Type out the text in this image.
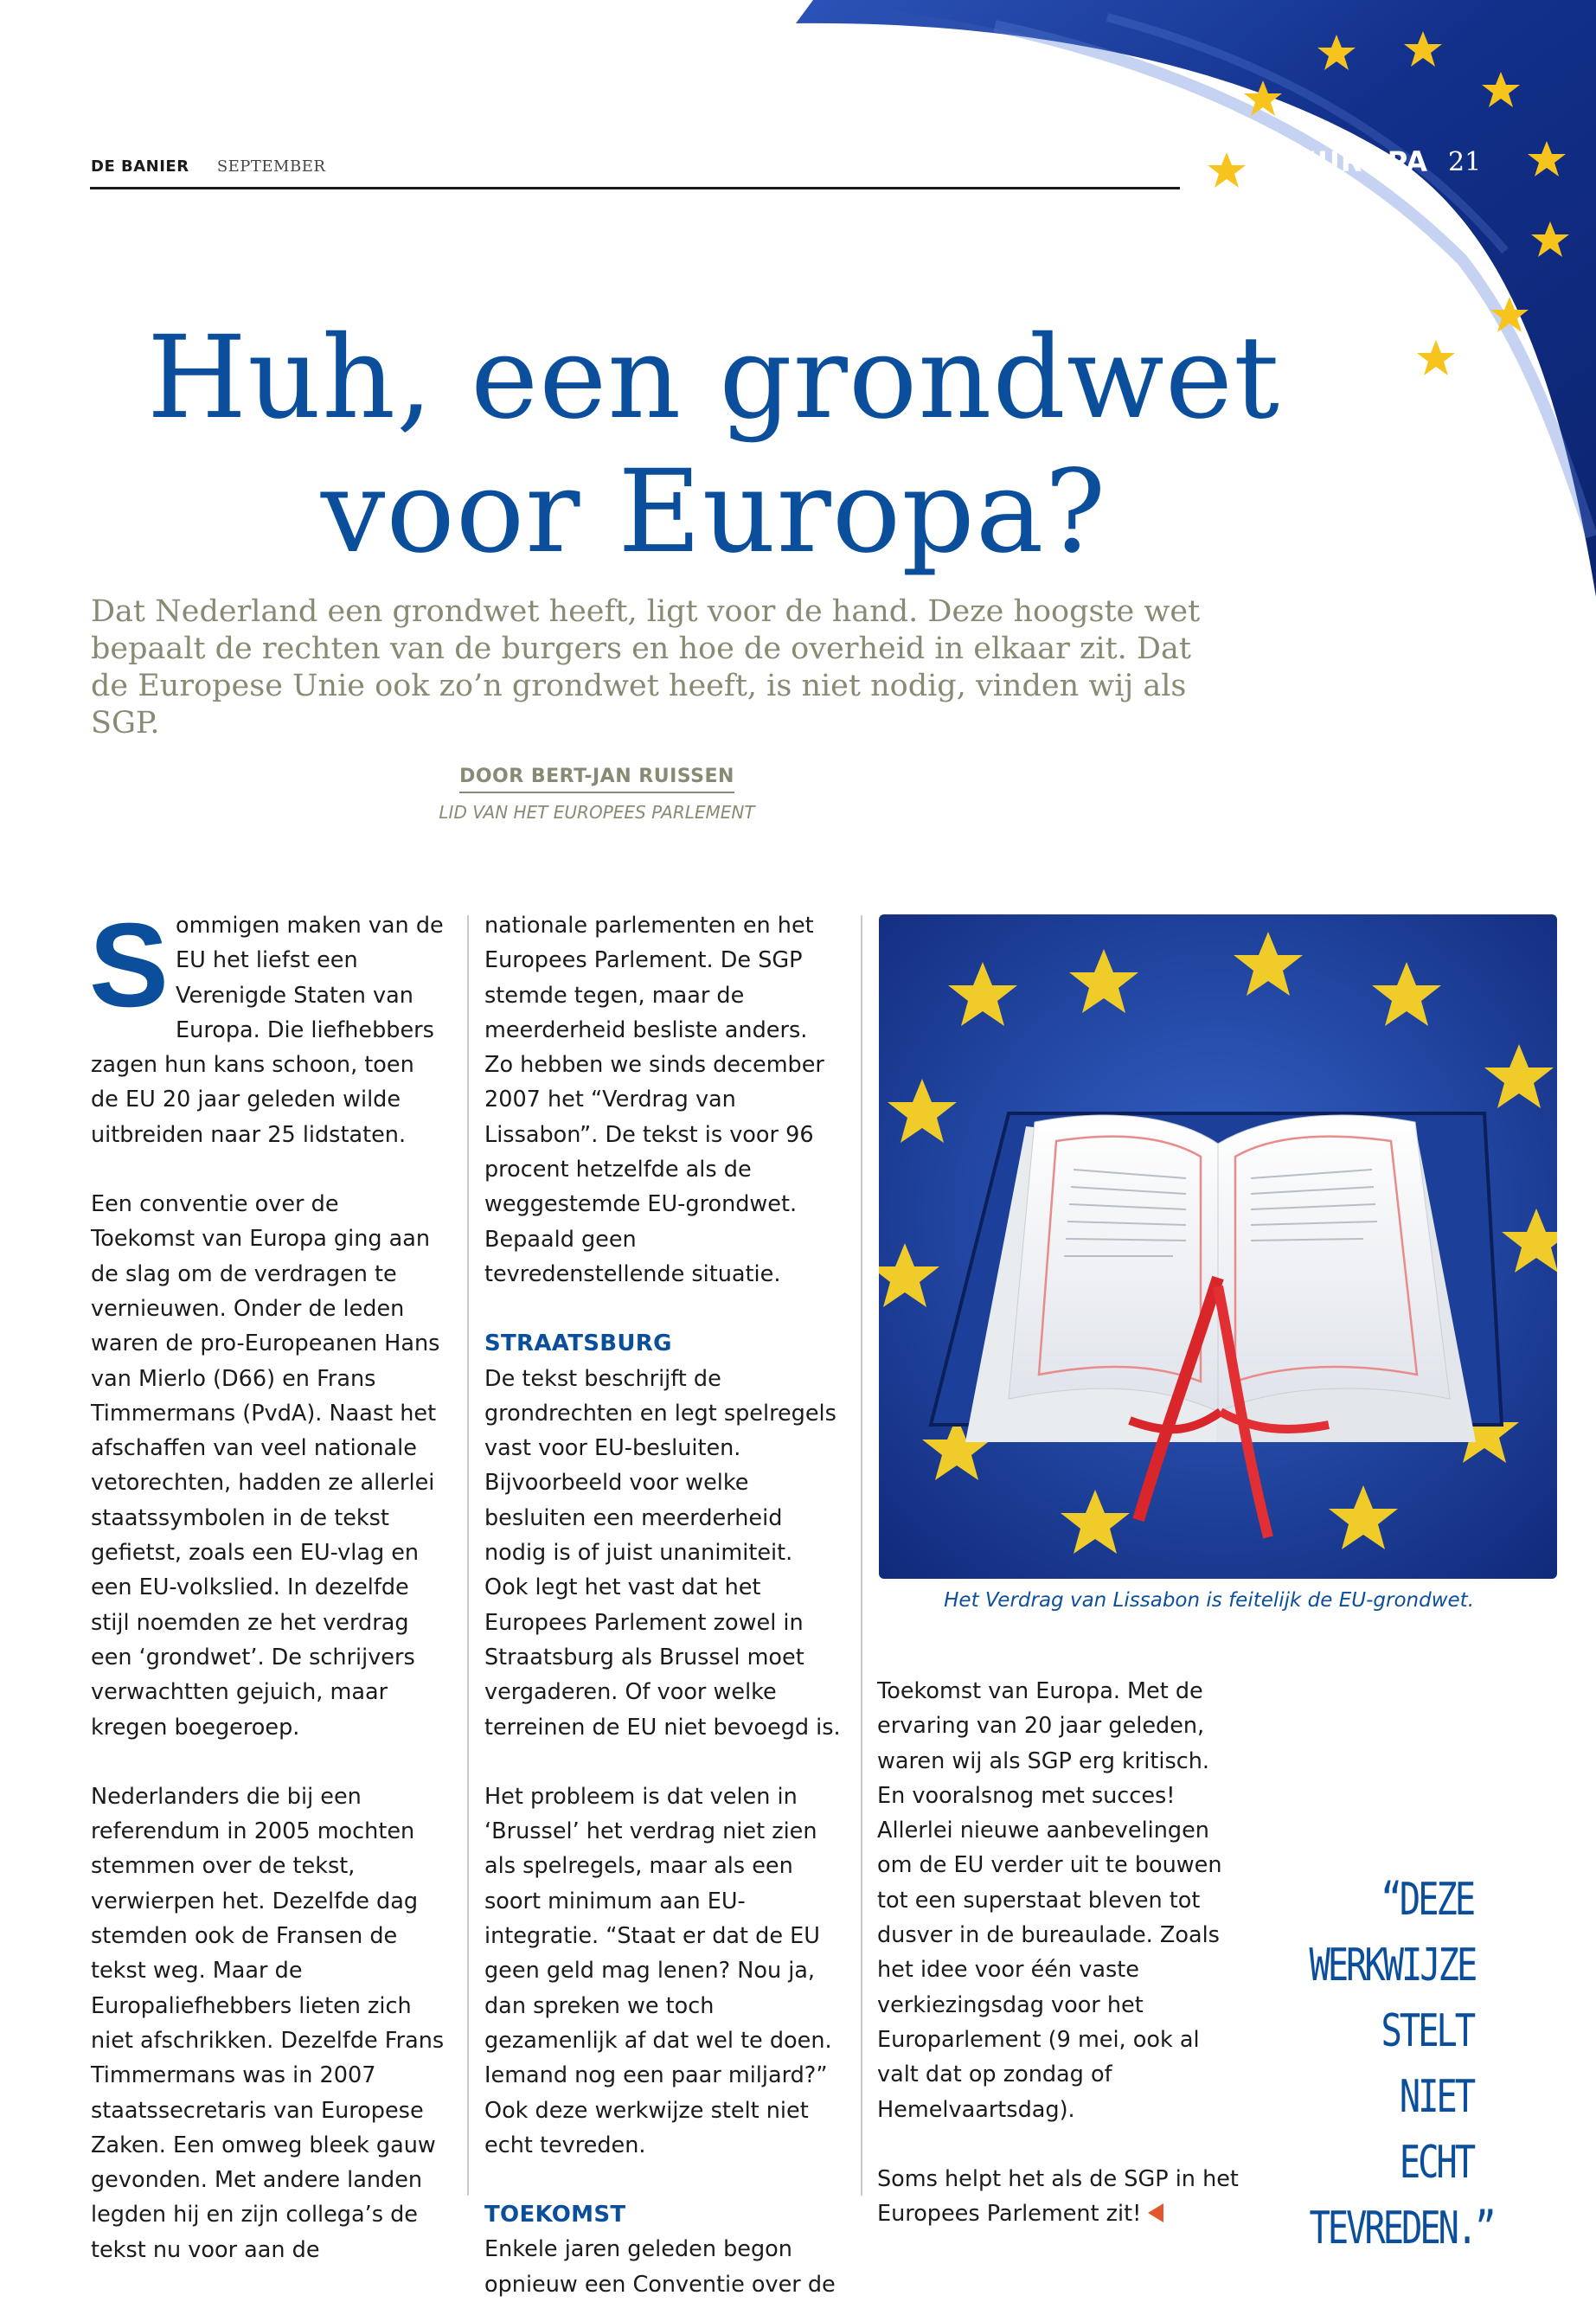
DE BANIER SEPTEMBER	EUROPA 21
Huh, een grondwet
voor Europa?
Dat Nederland een grondwet heeft, ligt voor de hand. Deze hoogste wet bepaalt de rechten van de burgers en hoe de overheid in elkaar zit. Dat de Europese Unie ook zo’n grondwet heeft, is niet nodig, vinden wij als SGP.
DOOR BERT-JAN RUISSEN
LID VAN HET EUROPEES PARLEMENT

Sommigen maken van de EU het liefst een Verenigde Staten van Europa. Die liefhebbers zagen hun kans schoon, toen de EU 20 jaar geleden wilde uitbreiden naar 25 lidstaten.

Een conventie over de Toekomst van Europa ging aan de slag om de verdragen te vernieuwen. Onder de leden waren de pro-Europeanen Hans van Mierlo (D66) en Frans Timmermans (PvdA). Naast het afschaffen van veel nationale vetorechten, hadden ze allerlei staatssymbolen in de tekst gefietst, zoals een EU-vlag en een EU-volkslied. In dezelfde stijl noemden ze het verdrag een ‘grondwet’. De schrijvers verwachtten gejuich, maar kregen boegeroep.

Nederlanders die bij een referendum in 2005 mochten stemmen over de tekst, verwierpen het. Dezelfde dag stemden ook de Fransen de tekst weg. Maar de Europaliefhebbers lieten zich niet afschrikken. Dezelfde Frans Timmermans was in 2007 staatssecretaris van Europese Zaken. Een omweg bleek gauw gevonden. Met andere landen legden hij en zijn collega’s de tekst nu voor aan de

nationale parlementen en het Europees Parlement. De SGP stemde tegen, maar de meerderheid besliste anders. Zo hebben we sinds december 2007 het “Verdrag van Lissabon”. De tekst is voor 96 procent hetzelfde als de weggestemde EU-grondwet. Bepaald geen tevredenstellende situatie.

STRAATSBURG

De tekst beschrijft de grondrechten en legt spelregels vast voor EU-besluiten. Bijvoorbeeld voor welke besluiten een meerderheid nodig is of juist unanimiteit. Ook legt het vast dat het Europees Parlement zowel in Straatsburg als Brussel moet vergaderen. Of voor welke terreinen de EU niet bevoegd is.

Het probleem is dat velen in ‘Brussel’ het verdrag niet zien als spelregels, maar als een soort minimum aan EU-integratie. “Staat er dat de EU geen geld mag lenen? Nou ja, dan spreken we toch gezamenlijk af dat wel te doen. Iemand nog een paar miljard?” Ook deze werkwijze stelt niet echt tevreden.

TOEKOMST

Enkele jaren geleden begon opnieuw een Conventie over de

Het Verdrag van Lissabon is feitelijk de EU-grondwet.

Toekomst van Europa. Met de ervaring van 20 jaar geleden, waren wij als SGP erg kritisch. En vooralsnog met succes! Allerlei nieuwe aanbevelingen om de EU verder uit te bouwen tot een superstaat bleven tot dusver in de bureaulade. Zoals het idee voor één vaste verkiezingsdag voor het Europarlement (9 mei, ook al valt dat op zondag of Hemelvaartsdag).

Soms helpt het als de SGP in het Europees Parlement zit!

“DEZE
WERKWIJZE
STELT
NIET ECHT
TEVREDEN.”
